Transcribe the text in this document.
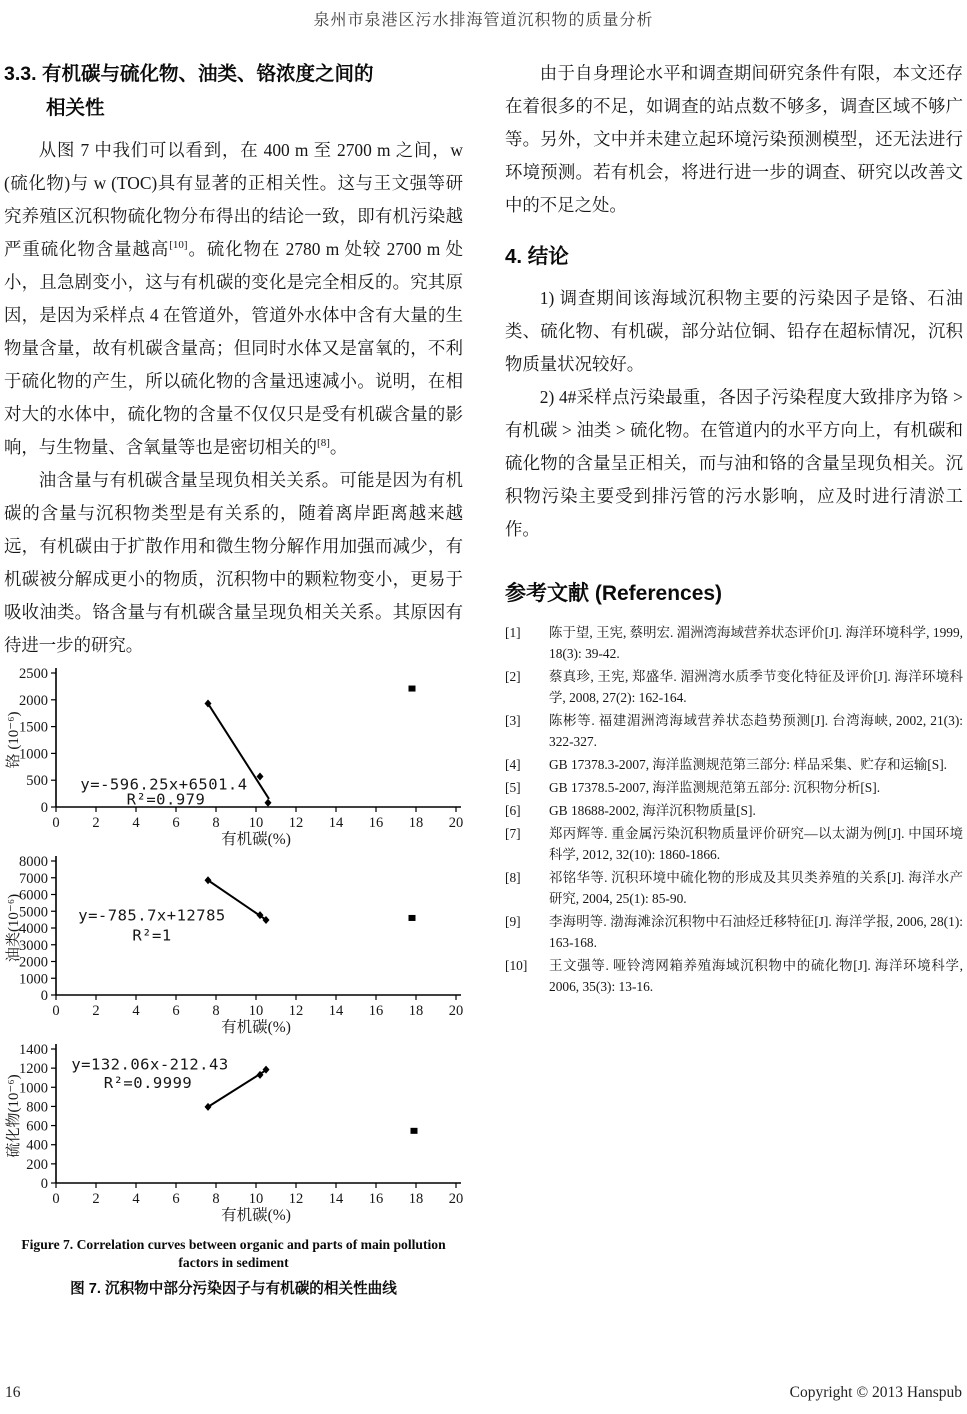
泉州市泉港区污水排海管道沉积物的质量分析
3.3. 有机碳与硫化物、油类、铬浓度之间的
相关性

从图 7 中我们可以看到，在 400 m 至 2700 m 之间，w (硫化物)与 w (TOC)具有显著的正相关性。这与王文强等研究养殖区沉积物硫化物分布得出的结论一致，即有机污染越严重硫化物含量越高[10]。硫化物在 2780 m 处较 2700 m 处小，且急剧变小，这与有机碳的变化是完全相反的。究其原因，是因为采样点 4 在管道外，管道外水体中含有大量的生物量含量，故有机碳含量高；但同时水体又是富氧的，不利于硫化物的产生，所以硫化物的含量迅速减小。说明，在相对大的水体中，硫化物的含量不仅仅只是受有机碳含量的影响，与生物量、含氧量等也是密切相关的[8]。

油含量与有机碳含量呈现负相关关系。可能是因为有机碳的含量与沉积物类型是有关系的，随着离岸距离越来越远，有机碳由于扩散作用和微生物分解作用加强而减少，有机碳被分解成更小的物质，沉积物中的颗粒物变小，更易于吸收油类。铬含量与有机碳含量呈现负相关关系。其原因有待进一步的研究。

0
500
1000
1500
2000
2500
0 2 4 6 8 10 12 14 16 18 20
有机碳(%)
铬 (10⁻⁶)
y=-596.25x+6501.4
R²=0.979
0
1000
2000
3000
4000
5000
6000
7000
8000
0 2 4 6 8 10 12 14 16 18 20
有机碳(%)
油类(10⁻⁶)	y=-785.7x+12785
R²=1
0
200
400
600
800
1000
1200
1400
0 2 4 6 8 10 12 14 16 18 20
有机碳(%)
硫化物(10⁻⁶)
y=132.06x-212.43
R²=0.9999
Figure 7. Correlation curves between organic and parts of main pollution factors in sediment
图 7. 沉积物中部分污染因子与有机碳的相关性曲线

由于自身理论水平和调查期间研究条件有限，本文还存在着很多的不足，如调查的站点数不够多，调查区域不够广等。另外，文中并未建立起环境污染预测模型，还无法进行环境预测。若有机会，将进行进一步的调查、研究以改善文中的不足之处。

4. 结论

1) 调查期间该海域沉积物主要的污染因子是铬、石油类、硫化物、有机碳，部分站位铜、铅存在超标情况，沉积物质量状况较好。

2) 4#采样点污染最重，各因子污染程度大致排序为铬 > 有机碳 > 油类 > 硫化物。在管道内的水平方向上，有机碳和硫化物的含量呈正相关，而与油和铬的含量呈现负相关。沉积物污染主要受到排污管的污水影响，应及时进行清淤工作。

参考文献 (References)
[1]	陈于望, 王宪, 蔡明宏. 湄洲湾海域营养状态评价[J]. 海洋环境科学, 1999, 18(3): 39-42.
[2]	蔡真珍, 王宪, 郑盛华. 湄洲湾水质季节变化特征及评价[J]. 海洋环境科学, 2008, 27(2): 162-164.
[3]	陈彬等. 福建湄洲湾海域营养状态趋势预测[J]. 台湾海峡, 2002, 21(3): 322-327.
[4]	GB 17378.3-2007, 海洋监测规范第三部分: 样品采集、贮存和运输[S].
[5]	GB 17378.5-2007, 海洋监测规范第五部分: 沉积物分析[S].
[6]	GB 18688-2002, 海洋沉积物质量[S].
[7]	郑丙辉等. 重金属污染沉积物质量评价研究—以太湖为例[J]. 中国环境科学, 2012, 32(10): 1860-1866.
[8]	祁铭华等. 沉积环境中硫化物的形成及其贝类养殖的关系[J]. 海洋水产研究, 2004, 25(1): 85-90.
[9]	李海明等. 渤海滩涂沉积物中石油烃迁移特征[J]. 海洋学报, 2006, 28(1): 163-168.
[10]	王文强等. 哑铃湾网箱养殖海域沉积物中的硫化物[J]. 海洋环境科学, 2006, 35(3): 13-16.
16	Copyright © 2013 Hanspub
